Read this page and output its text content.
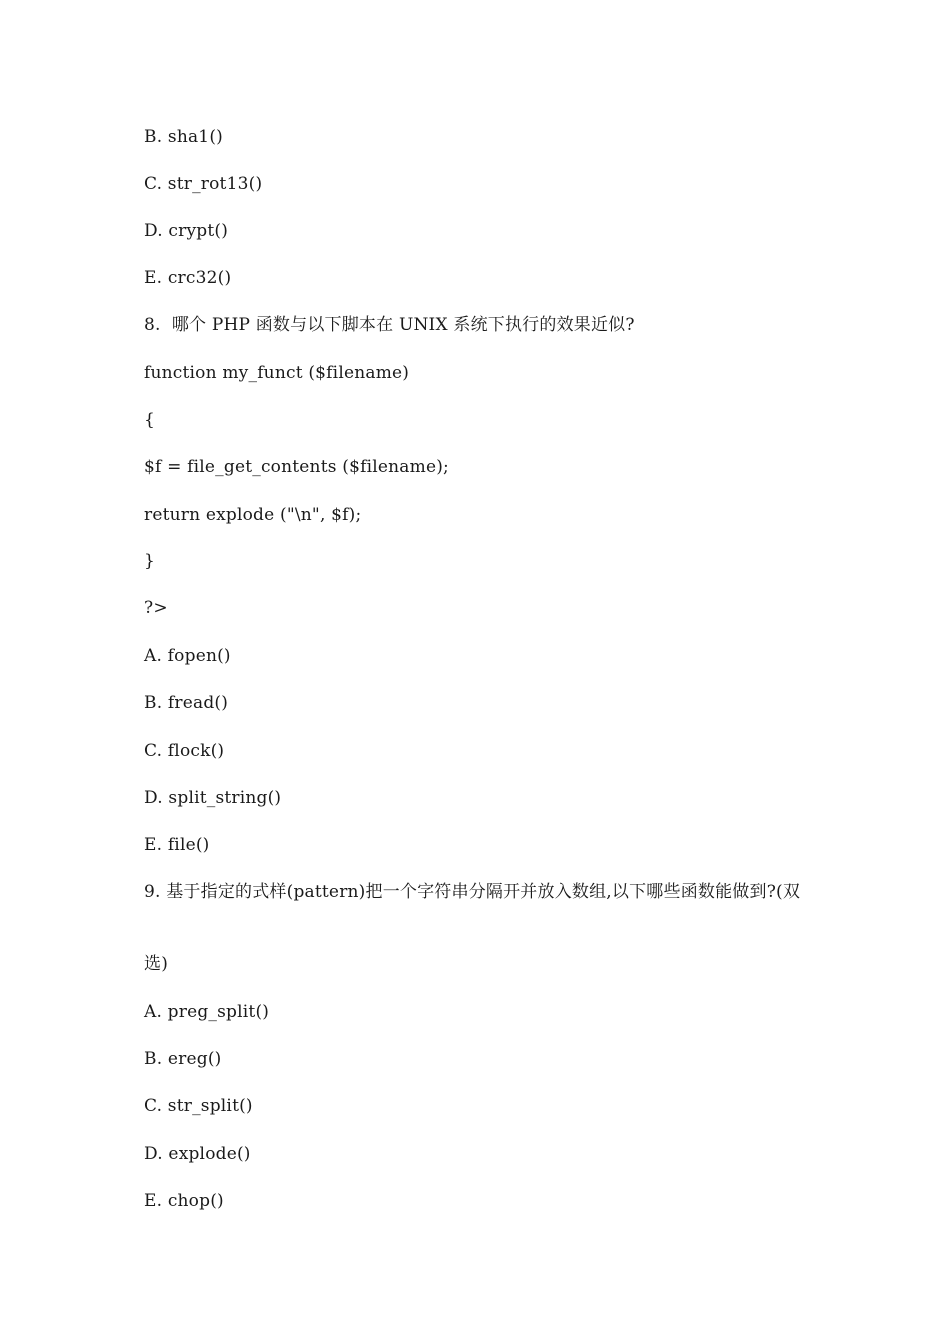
B. sha1()
C. str_rot13()
D. crypt()
E. crc32()
8.  哪个 PHP 函数与以下脚本在 UNIX 系统下执行的效果近似?
function my_funct ($filename)
{
$f = file_get_contents ($filename);
return explode ("\n", $f);
}
?>
A. fopen()
B. fread()
C. flock()
D. split_string()
E. file()
9. 基于指定的式样(pattern)把一个字符串分隔开并放入数组,以下哪些函数能做到?(双
选)
A. preg_split()
B. ereg()
C. str_split()
D. explode()
E. chop()
